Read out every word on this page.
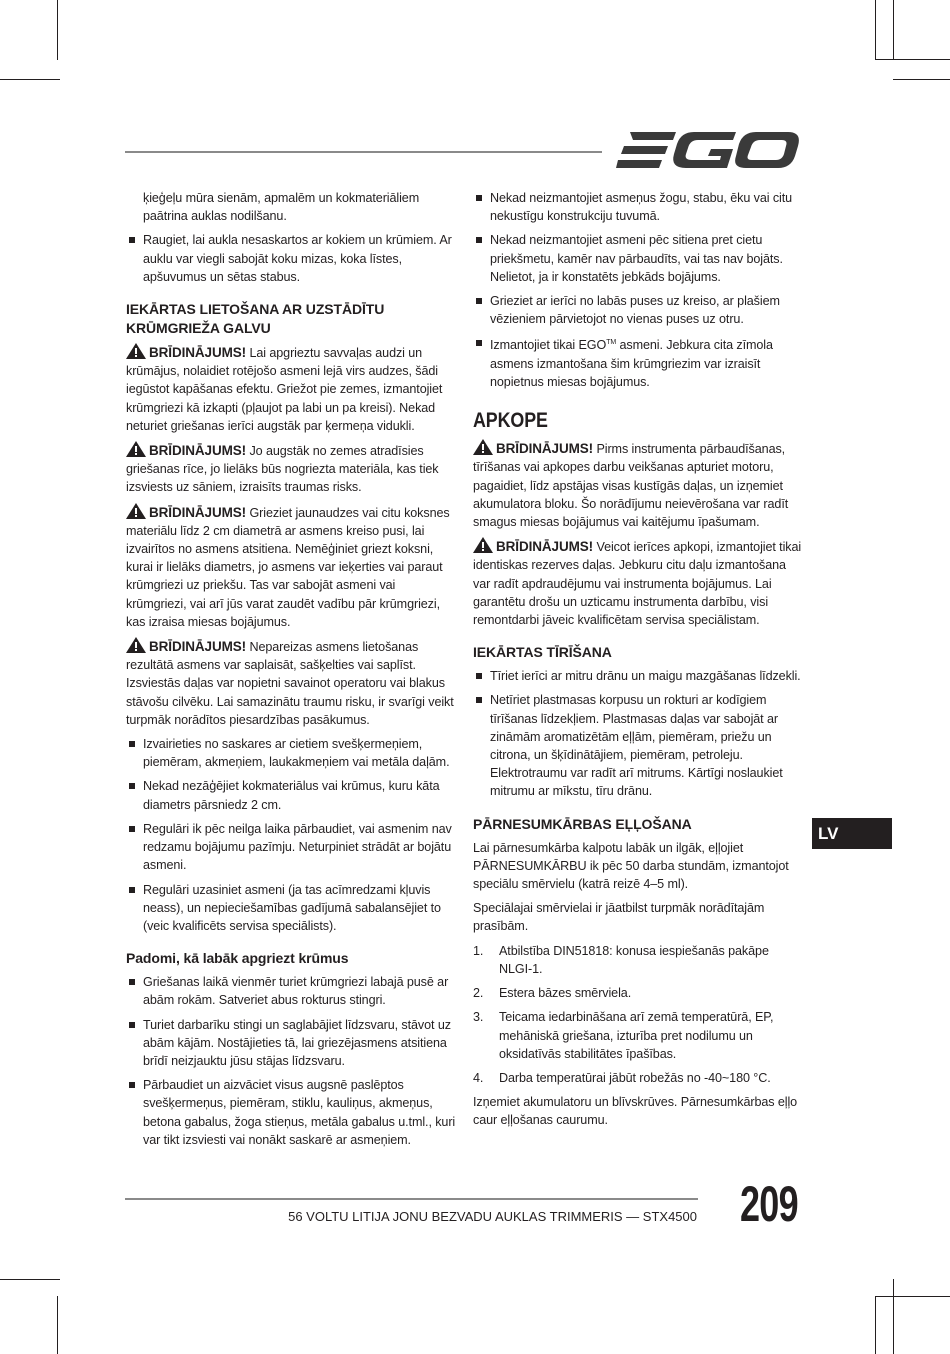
ķieģeļu mūra sienām, apmalēm un kokmateriāliem paātrina auklas nodilšanu.

Raugiet, lai aukla nesaskartos ar kokiem un krūmiem. Ar auklu var viegli sabojāt koku mizas, koka līstes, apšuvumus un sētas stabus.

IEKĀRTAS LIETOŠANA AR UZSTĀDĪTU KRŪMGRIEŽA GALVU

BRĪDINĀJUMS! Lai apgrieztu savvaļas audzi un krūmājus, nolaidiet rotējošo asmeni lejā virs audzes, šādi iegūstot kapāšanas efektu. Griežot pie zemes, izmantojiet krūmgriezi kā izkapti (pļaujot pa labi un pa kreisi). Nekad neturiet griešanas ierīci augstāk par ķermeņa vidukli.

BRĪDINĀJUMS! Jo augstāk no zemes atradīsies griešanas rīce, jo lielāks būs nogriezta materiāla, kas tiek izsviests uz sāniem, izraisīts traumas risks.

BRĪDINĀJUMS! Grieziet jaunaudzes vai citu koksnes materiālu līdz 2 cm diametrā ar asmens kreiso pusi, lai izvairītos no asmens atsitiena. Nemēģiniet griezt koksni, kurai ir lielāks diametrs, jo asmens var ieķerties vai paraut krūmgriezi uz priekšu. Tas var sabojāt asmeni vai krūmgriezi, vai arī jūs varat zaudēt vadību pār krūmgriezi, kas izraisa miesas bojājumus.

BRĪDINĀJUMS! Nepareizas asmens lietošanas rezultātā asmens var saplaisāt, sašķelties vai saplīst. Izsviestās daļas var nopietni savainot operatoru vai blakus stāvošu cilvēku. Lai samazinātu traumu risku, ir svarīgi veikt turpmāk norādītos piesardzības pasākumus.

Izvairieties no saskares ar cietiem svešķermeņiem, piemēram, akmeņiem, laukakmeņiem vai metāla daļām.

Nekad nezāģējiet kokmateriālus vai krūmus, kuru kāta diametrs pārsniedz 2 cm.

Regulāri ik pēc neilga laika pārbaudiet, vai asmenim nav redzamu bojājumu pazīmju. Neturpiniet strādāt ar bojātu asmeni.

Regulāri uzasiniet asmeni (ja tas acīmredzami kļuvis neass), un nepieciešamības gadījumā sabalansējiet to (veic kvalificēts servisa speciālists).

Padomi, kā labāk apgriezt krūmus

Griešanas laikā vienmēr turiet krūmgriezi labajā pusē ar abām rokām. Satveriet abus rokturus stingri.

Turiet darbarīku stingi un saglabājiet līdzsvaru, stāvot uz abām kājām. Nostājieties tā, lai griezējasmens atsitiena brīdī neizjauktu jūsu stājas līdzsvaru.

Pārbaudiet un aizvāciet visus augsnē paslēptos svešķermeņus, piemēram, stiklu, kauliņus, akmeņus, betona gabalus, žoga stieņus, metāla gabalus u.tml., kuri var tikt izsviesti vai nonākt saskarē ar asmeņiem.

Nekad neizmantojiet asmeņus žogu, stabu, ēku vai citu nekustīgu konstrukciju tuvumā.

Nekad neizmantojiet asmeni pēc sitiena pret cietu priekšmetu, kamēr nav pārbaudīts, vai tas nav bojāts. Nelietot, ja ir konstatēts jebkāds bojājums.

Grieziet ar ierīci no labās puses uz kreiso, ar plašiem vēzieniem pārvietojot no vienas puses uz otru.

Izmantojiet tikai EGO™ asmeni. Jebkura cita zīmola asmens izmantošana šim krūmgriezim var izraisīt nopietnus miesas bojājumus.

APKOPE

BRĪDINĀJUMS! Pirms instrumenta pārbaudīšanas, tīrīšanas vai apkopes darbu veikšanas apturiet motoru, pagaidiet, līdz apstājas visas kustīgās daļas, un izņemiet akumulatora bloku. Šo norādījumu neievērošana var radīt smagus miesas bojājumus vai kaitējumu īpašumam.

BRĪDINĀJUMS! Veicot ierīces apkopi, izmantojiet tikai identiskas rezerves daļas. Jebkuru citu daļu izmantošana var radīt apdraudējumu vai instrumenta bojājumus. Lai garantētu drošu un uzticamu instrumenta darbību, visi remontdarbi jāveic kvalificētam servisa speciālistam.

IEKĀRTAS TĪRĪŠANA

Tīriet ierīci ar mitru drānu un maigu mazgāšanas līdzekli.

Netīriet plastmasas korpusu un rokturi ar kodīgiem tīrīšanas līdzekļiem. Plastmasas daļas var sabojāt ar zināmām aromatizētām eļļām, piemēram, priežu un citrona, un šķīdinātājiem, piemēram, petroleju. Elektrotraumu var radīt arī mitrums. Kārtīgi noslaukiet mitrumu ar mīkstu, tīru drānu.

PĀRNESUMKĀRBAS EĻĻOŠANA

Lai pārnesumkārba kalpotu labāk un ilgāk, eļļojiet PĀRNESUMKĀRBU ik pēc 50 darba stundām, izmantojot speciālu smērvielu (katrā reizē 4–5 ml).

Speciālajai smērvielai ir jāatbilst turpmāk norādītajām prasībām.

1. Atbilstība DIN51818: konusa iespiešanās pakāpe NLGI-1.

2. Estera bāzes smērviela.

3. Teicama iedarbināšana arī zemā temperatūrā, EP, mehāniskā griešana, izturība pret nodilumu un oksidatīvās stabilitātes īpašības.

4. Darba temperatūrai jābūt robežās no -40~180 °C.

Izņemiet akumulatoru un blīvskrūves. Pārnesumkārbas eļļo caur eļļošanas caurumu.

LV
56 VOLTU LITIJA JONU BEZVADU AUKLAS TRIMMERIS — STX4500 209
